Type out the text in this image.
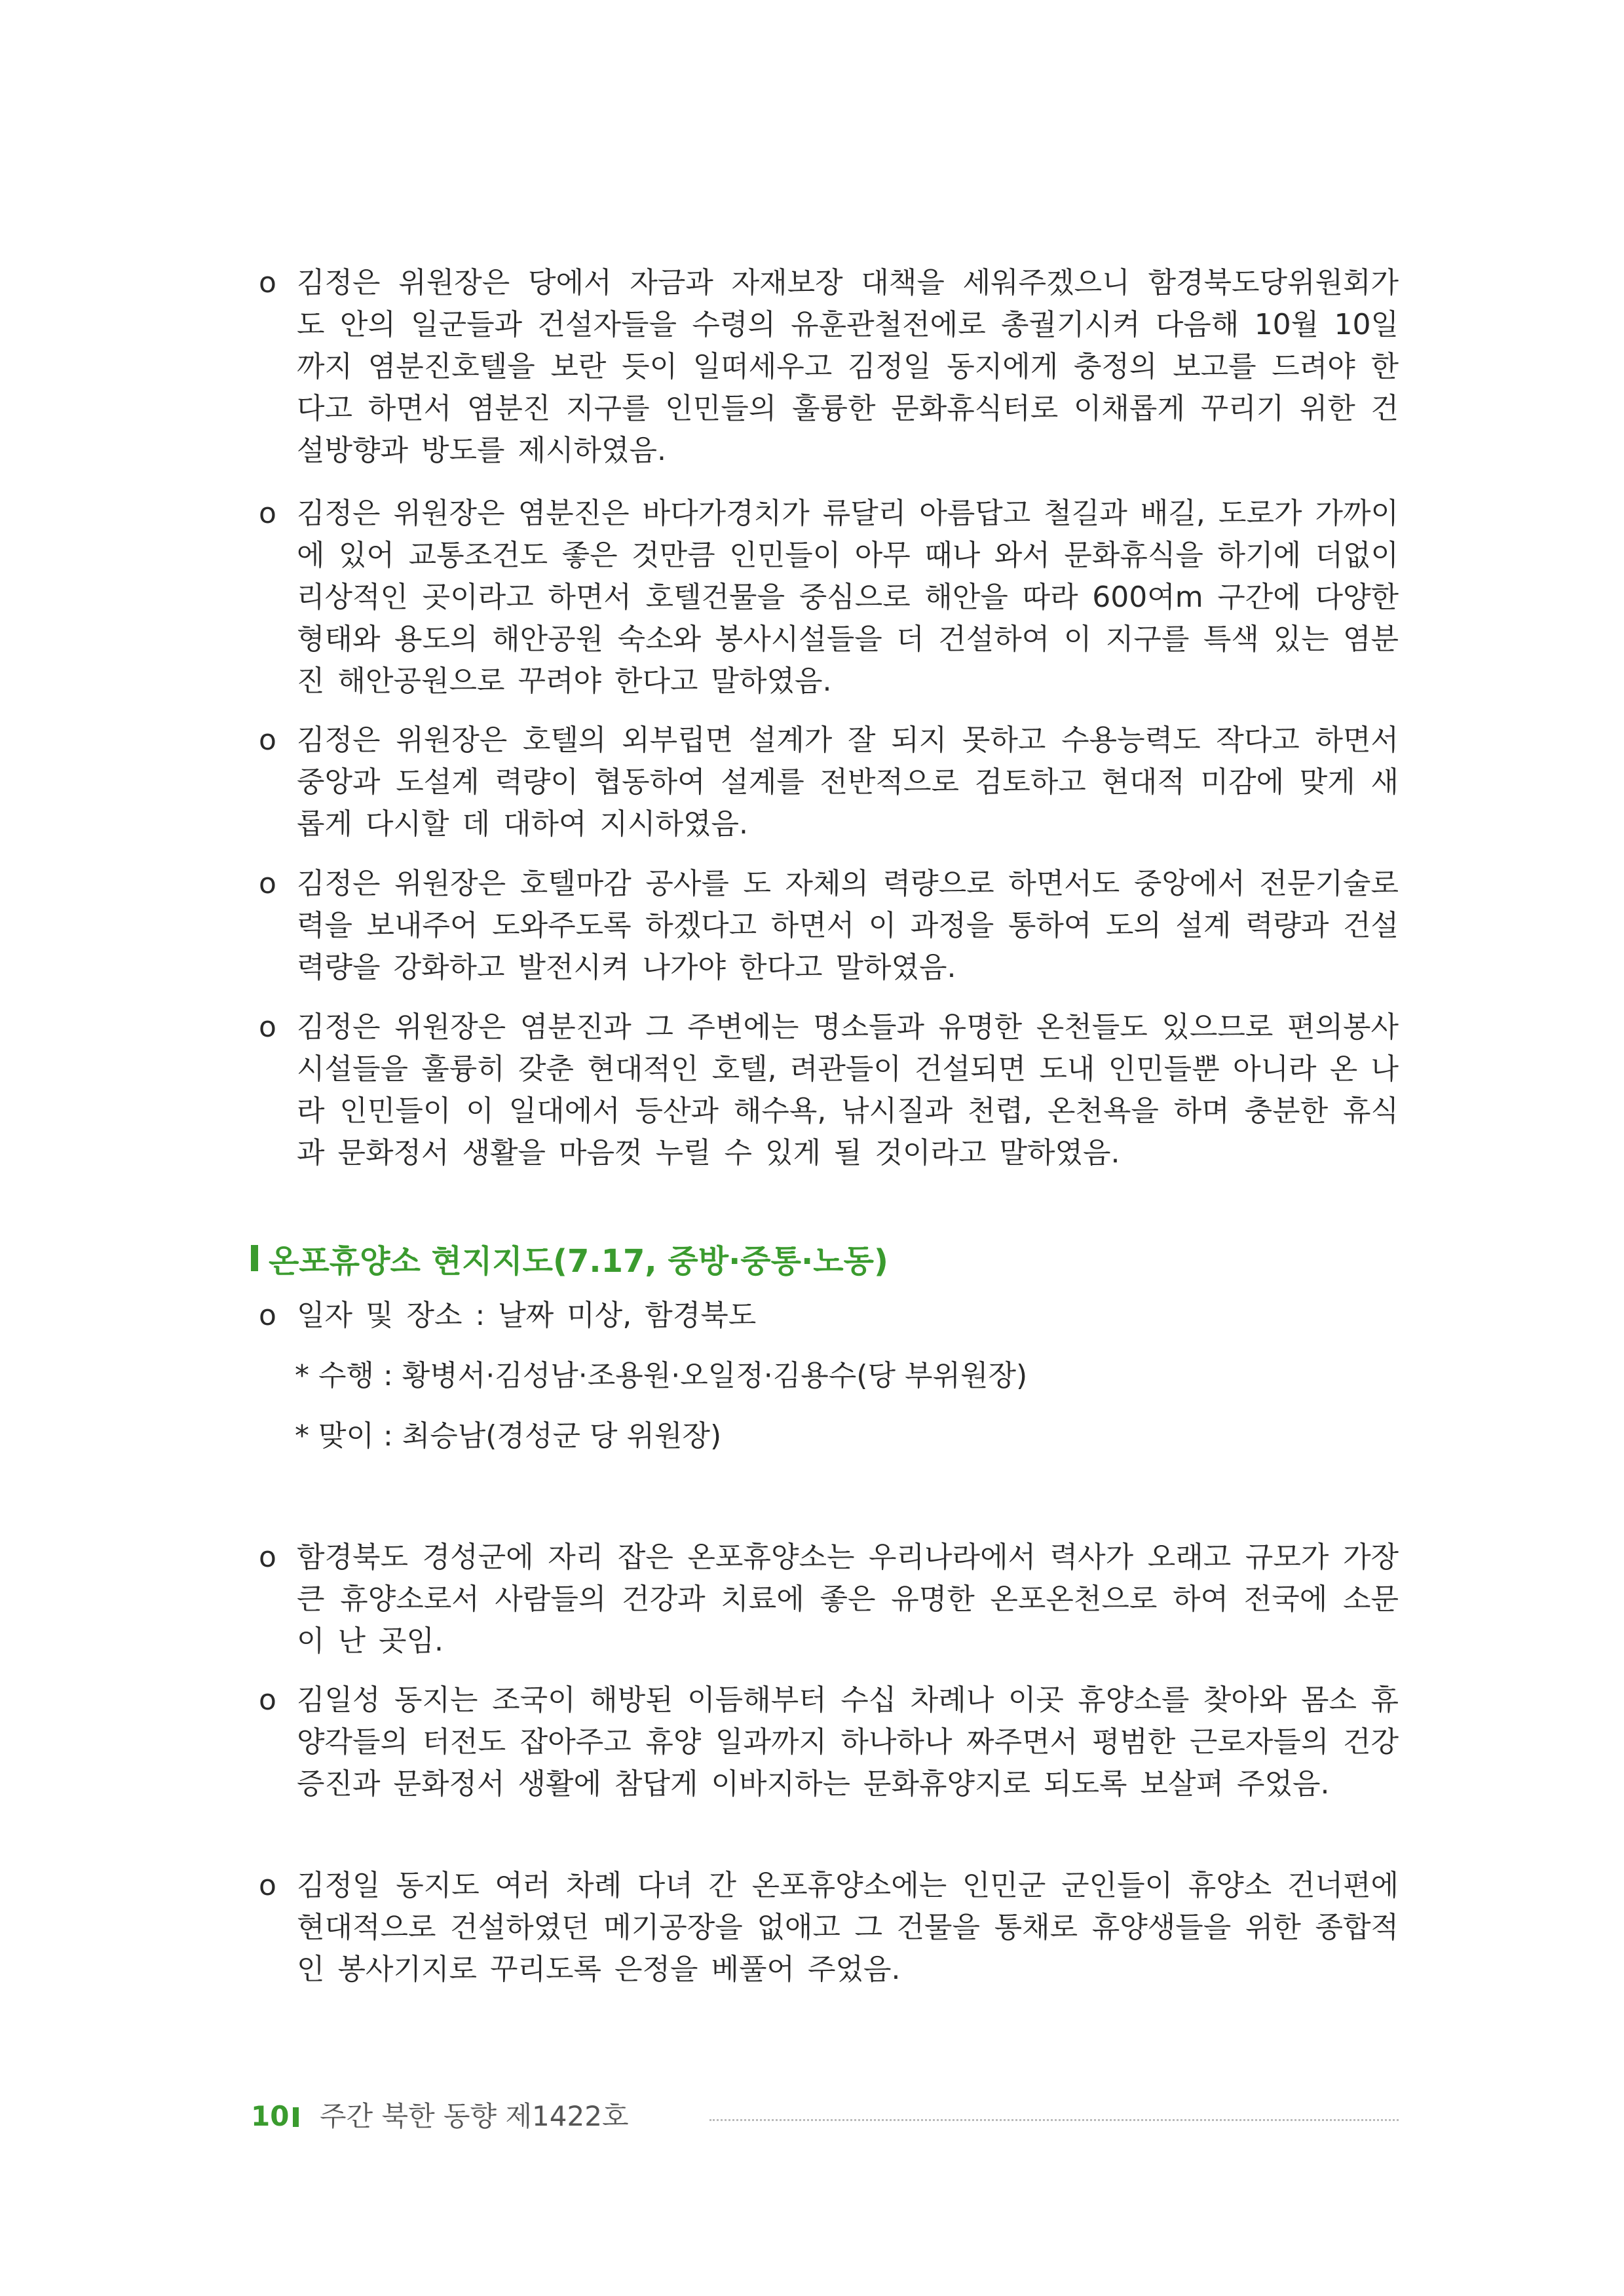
o 김정은 위원장은 당에서 자금과 자재보장 대책을 세워주겠으니 함경북도당위원회가 도 안의 일군들과 건설자들을 수령의 유훈관철전에로 총궐기시켜 다음해 10월 10일까지 염분진호텔을 보란 듯이 일떠세우고 김정일 동지에게 충정의 보고를 드려야 한다고 하면서 염분진 지구를 인민들의 훌륭한 문화휴식터로 이채롭게 꾸리기 위한 건설방향과 방도를 제시하였음.
o 김정은 위원장은 염분진은 바다가경치가 류달리 아름답고 철길과 배길, 도로가 가까이에 있어 교통조건도 좋은 것만큼 인민들이 아무 때나 와서 문화휴식을 하기에 더없이 리상적인 곳이라고 하면서 호텔건물을 중심으로 해안을 따라 600여m 구간에 다양한 형태와 용도의 해안공원 숙소와 봉사시설들을 더 건설하여 이 지구를 특색 있는 염분진 해안공원으로 꾸려야 한다고 말하였음.
o 김정은 위원장은 호텔의 외부립면 설계가 잘 되지 못하고 수용능력도 작다고 하면서 중앙과 도설계 력량이 협동하여 설계를 전반적으로 검토하고 현대적 미감에 맞게 새롭게 다시할 데 대하여 지시하였음.
o 김정은 위원장은 호텔마감 공사를 도 자체의 력량으로 하면서도 중앙에서 전문기술로력을 보내주어 도와주도록 하겠다고 하면서 이 과정을 통하여 도의 설계 력량과 건설 력량을 강화하고 발전시켜 나가야 한다고 말하였음.
o 김정은 위원장은 염분진과 그 주변에는 명소들과 유명한 온천들도 있으므로 편의봉사 시설들을 훌륭히 갖춘 현대적인 호텔, 려관들이 건설되면 도내 인민들뿐 아니라 온 나라 인민들이 이 일대에서 등산과 해수욕, 낚시질과 천렵, 온천욕을 하며 충분한 휴식과 문화정서 생활을 마음껏 누릴 수 있게 될 것이라고 말하였음.
온포휴양소 현지지도(7.17, 중방·중통·노동)
o 일자 및 장소 : 날짜 미상, 함경북도
* 수행 : 황병서·김성남·조용원·오일정·김용수(당 부위원장)
* 맞이 : 최승남(경성군 당 위원장)
o 함경북도 경성군에 자리 잡은 온포휴양소는 우리나라에서 력사가 오래고 규모가 가장 큰 휴양소로서 사람들의 건강과 치료에 좋은 유명한 온포온천으로 하여 전국에 소문이 난 곳임.
o 김일성 동지는 조국이 해방된 이듬해부터 수십 차례나 이곳 휴양소를 찾아와 몸소 휴양각들의 터전도 잡아주고 휴양 일과까지 하나하나 짜주면서 평범한 근로자들의 건강증진과 문화정서 생활에 참답게 이바지하는 문화휴양지로 되도록 보살펴 주었음.
o 김정일 동지도 여러 차례 다녀 간 온포휴양소에는 인민군 군인들이 휴양소 건너편에 현대적으로 건설하였던 메기공장을 없애고 그 건물을 통채로 휴양생들을 위한 종합적인 봉사기지로 꾸리도록 은정을 베풀어 주었음.
10 주간 북한 동향 제1422호
